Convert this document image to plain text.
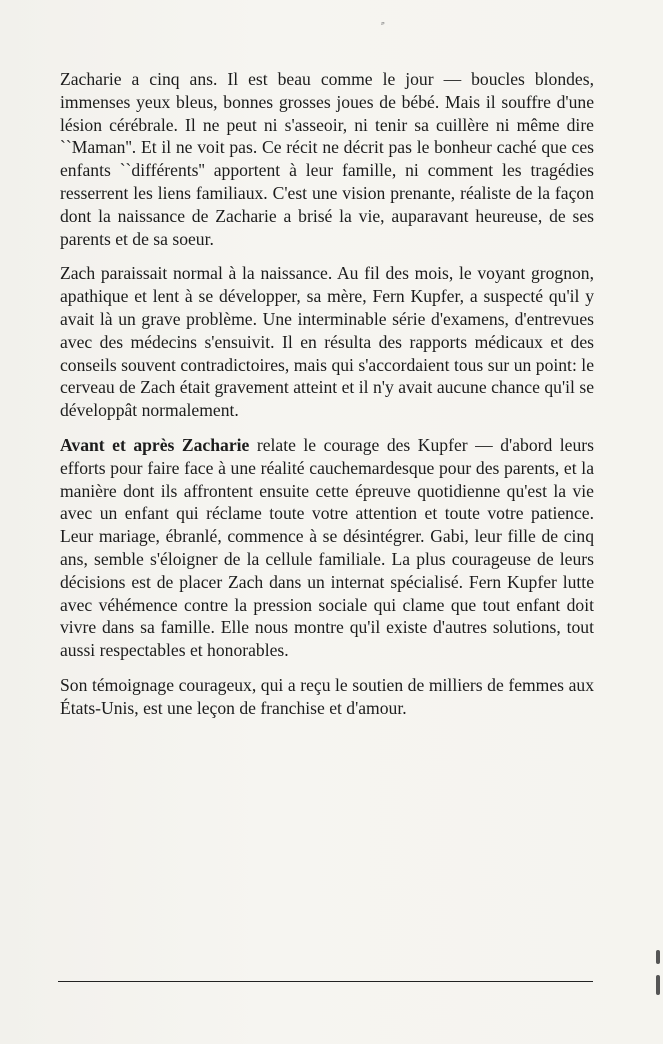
Zacharie a cinq ans. Il est beau comme le jour — boucles blondes, immenses yeux bleus, bonnes grosses joues de bébé. Mais il souffre d'une lésion cérébrale. Il ne peut ni s'asseoir, ni tenir sa cuillère ni même dire ``Maman''. Et il ne voit pas. Ce récit ne décrit pas le bonheur caché que ces enfants ``différents'' apportent à leur famille, ni comment les tragédies resserrent les liens familiaux. C'est une vision prenante, réaliste de la façon dont la naissance de Zacharie a brisé la vie, auparavant heureuse, de ses parents et de sa soeur.

Zach paraissait normal à la naissance. Au fil des mois, le voyant grognon, apathique et lent à se développer, sa mère, Fern Kupfer, a suspecté qu'il y avait là un grave problème. Une interminable série d'examens, d'entrevues avec des médecins s'ensuivit. Il en résulta des rapports médicaux et des conseils souvent contradictoires, mais qui s'accordaient tous sur un point: le cerveau de Zach était gravement atteint et il n'y avait aucune chance qu'il se développât normalement.

Avant et après Zacharie relate le courage des Kupfer — d'abord leurs efforts pour faire face à une réalité cauchemardesque pour des parents, et la manière dont ils affrontent ensuite cette épreuve quotidienne qu'est la vie avec un enfant qui réclame toute votre attention et toute votre patience. Leur mariage, ébranlé, commence à se désintégrer. Gabi, leur fille de cinq ans, semble s'éloigner de la cellule familiale. La plus courageuse de leurs décisions est de placer Zach dans un internat spécialisé. Fern Kupfer lutte avec véhémence contre la pression sociale qui clame que tout enfant doit vivre dans sa famille. Elle nous montre qu'il existe d'autres solutions, tout aussi respectables et honorables.

Son témoignage courageux, qui a reçu le soutien de milliers de femmes aux États-Unis, est une leçon de franchise et d'amour.
